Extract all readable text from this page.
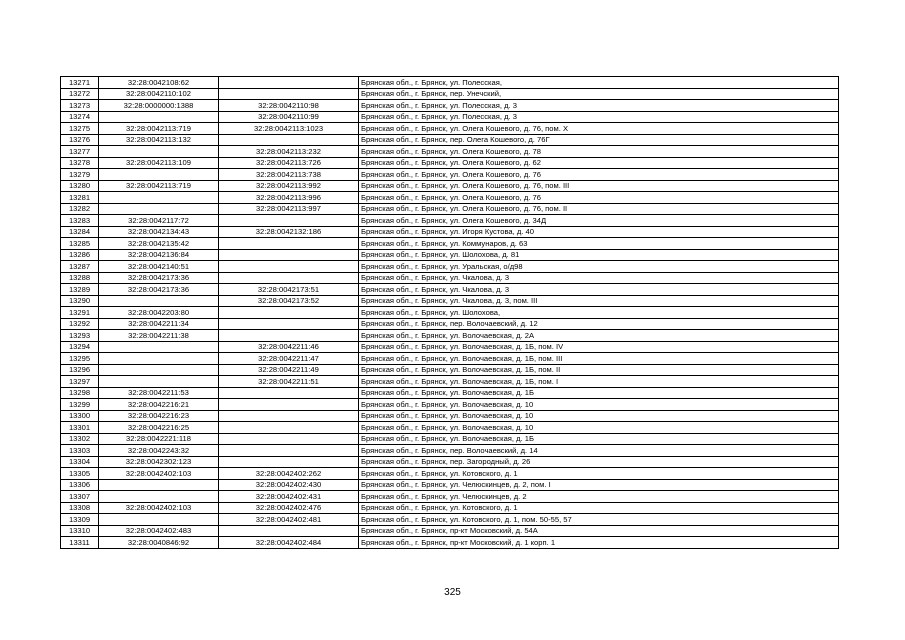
13271	32:28:0042108:62		Брянская обл., г. Брянск, ул. Полесская,
13272	32:28:0042110:102		Брянская обл., г. Брянск, пер. Унечский,
13273	32:28:0000000:1388	32:28:0042110:98	Брянская обл., г. Брянск, ул. Полесская, д. 3
13274		32:28:0042110:99	Брянская обл., г. Брянск, ул. Полесская, д. 3
13275	32:28:0042113:719	32:28:0042113:1023	Брянская обл., г. Брянск, ул. Олега Кошевого, д. 76, пом. X
13276	32:28:0042113:132		Брянская обл., г. Брянск, пер. Олега Кошевого, д. 76Г
13277		32:28:0042113:232	Брянская обл., г. Брянск, ул. Олега Кошевого, д. 78
13278	32:28:0042113:109	32:28:0042113:726	Брянская обл., г. Брянск, ул. Олега Кошевого, д. 62
13279		32:28:0042113:738	Брянская обл., г. Брянск, ул. Олега Кошевого, д. 76
13280	32:28:0042113:719	32:28:0042113:992	Брянская обл., г. Брянск, ул. Олега Кошевого, д. 76, пом. III
13281		32:28:0042113:996	Брянская обл., г. Брянск, ул. Олега Кошевого, д. 76
13282		32:28:0042113:997	Брянская обл., г. Брянск, ул. Олега Кошевого, д. 76, пом. II
13283	32:28:0042117:72		Брянская обл., г. Брянск, ул. Олега Кошевого, д. 34Д
13284	32:28:0042134:43	32:28:0042132:186	Брянская обл., г. Брянск, ул. Игоря Кустова, д. 40
13285	32:28:0042135:42		Брянская обл., г. Брянск, ул. Коммунаров, д. 63
13286	32:28:0042136:84		Брянская обл., г. Брянск, ул. Шолохова, д. 81
13287	32:28:0042140:51		Брянская обл., г. Брянск, ул. Уральская, о/д98
13288	32:28:0042173:36		Брянская обл., г. Брянск, ул. Чкалова, д. 3
13289	32:28:0042173:36	32:28:0042173:51	Брянская обл., г. Брянск, ул. Чкалова, д. 3
13290		32:28:0042173:52	Брянская обл., г. Брянск, ул. Чкалова, д. 3, пом. III
13291	32:28:0042203:80		Брянская обл., г. Брянск, ул. Шолохова,
13292	32:28:0042211:34		Брянская обл., г. Брянск, пер. Волочаевский, д. 12
13293	32:28:0042211:38		Брянская обл., г. Брянск, ул. Волочаевская, д. 2А
13294		32:28:0042211:46	Брянская обл., г. Брянск, ул. Волочаевская, д. 1Б, пом. IV
13295		32:28:0042211:47	Брянская обл., г. Брянск, ул. Волочаевская, д. 1Б, пом. III
13296		32:28:0042211:49	Брянская обл., г. Брянск, ул. Волочаевская, д. 1Б, пом. II
13297		32:28:0042211:51	Брянская обл., г. Брянск, ул. Волочаевская, д. 1Б, пом. I
13298	32:28:0042211:53		Брянская обл., г. Брянск, ул. Волочаевская, д. 1Б
13299	32:28:0042216:21		Брянская обл., г. Брянск, ул. Волочаевская, д. 10
13300	32:28:0042216:23		Брянская обл., г. Брянск, ул. Волочаевская, д. 10
13301	32:28:0042216:25		Брянская обл., г. Брянск, ул. Волочаевская, д. 10
13302	32:28:0042221:118		Брянская обл., г. Брянск, ул. Волочаевская, д. 1Б
13303	32:28:0042243:32		Брянская обл., г. Брянск, пер. Волочаевский, д. 14
13304	32:28:0042302:123		Брянская обл., г. Брянск, пер. Загородный, д. 26
13305	32:28:0042402:103	32:28:0042402:262	Брянская обл., г. Брянск, ул. Котовского, д. 1
13306		32:28:0042402:430	Брянская обл., г. Брянск, ул. Челюскинцев, д. 2, пом. I
13307		32:28:0042402:431	Брянская обл., г. Брянск, ул. Челюскинцев, д. 2
13308	32:28:0042402:103	32:28:0042402:476	Брянская обл., г. Брянск, ул. Котовского, д. 1
13309		32:28:0042402:481	Брянская обл., г. Брянск, ул. Котовского, д. 1, пом. 50-55, 57
13310	32:28:0042402:483		Брянская обл., г. Брянск, пр-кт Московский, д. 54А
13311	32:28:0040846:92	32:28:0042402:484	Брянская обл., г. Брянск, пр-кт Московский, д. 1 корп. 1
325
